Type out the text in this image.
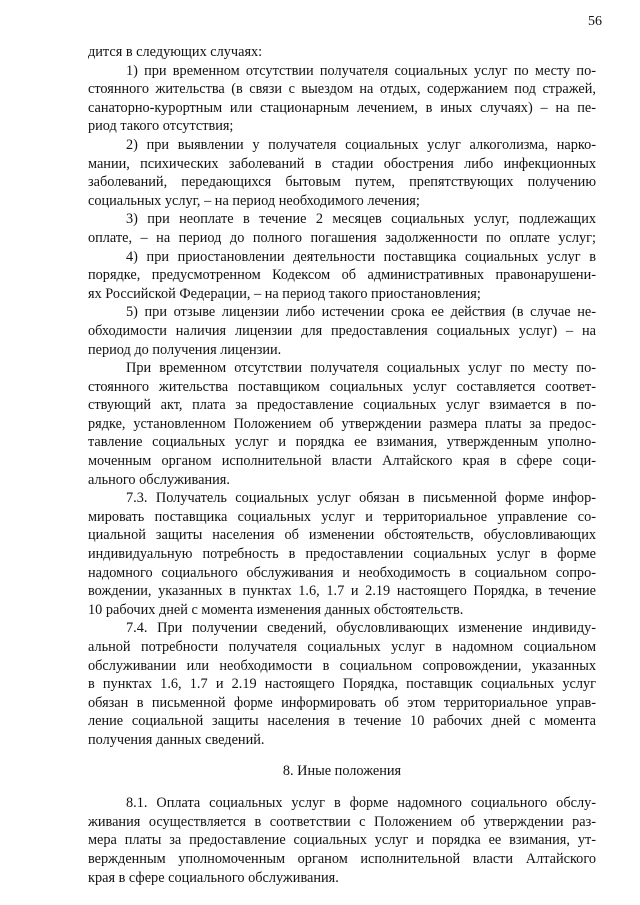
56
дится в следующих случаях:
1) при временном отсутствии получателя социальных услуг по месту по-
стоянного жительства (в связи с выездом на отдых, содержанием под стражей,
санаторно-курортным или стационарным лечением, в иных случаях) – на пе-
риод такого отсутствия;
2) при выявлении у получателя социальных услуг алкоголизма, нарко-
мании, психических заболеваний в стадии обострения либо инфекционных
заболеваний, передающихся бытовым путем, препятствующих получению
социальных услуг, – на период необходимого лечения;
3) при неоплате в течение 2 месяцев социальных услуг, подлежащих
оплате, – на период до полного погашения задолженности по оплате услуг;
4) при приостановлении деятельности поставщика социальных услуг в
порядке, предусмотренном Кодексом об административных правонарушени-
ях Российской Федерации, – на период такого приостановления;
5) при отзыве лицензии либо истечении срока ее действия (в случае не-
обходимости наличия лицензии для предоставления социальных услуг) – на
период до получения лицензии.
При временном отсутствии получателя социальных услуг по месту по-
стоянного жительства поставщиком социальных услуг составляется соответ-
ствующий акт, плата за предоставление социальных услуг взимается в по-
рядке, установленном Положением об утверждении размера платы за предос-
тавление социальных услуг и порядка ее взимания, утвержденным уполно-
моченным органом исполнительной власти Алтайского края в сфере соци-
ального обслуживания.
7.3. Получатель социальных услуг обязан в письменной форме инфор-
мировать поставщика социальных услуг и территориальное управление со-
циальной защиты населения об изменении обстоятельств, обусловливающих
индивидуальную потребность в предоставлении социальных услуг в форме
надомного социального обслуживания и необходимость в социальном сопро-
вождении, указанных в пунктах 1.6, 1.7 и 2.19 настоящего Порядка, в течение
10 рабочих дней с момента изменения данных обстоятельств.
7.4. При получении сведений, обусловливающих изменение индивиду-
альной потребности получателя социальных услуг в надомном социальном
обслуживании или необходимости в социальном сопровождении, указанных
в пунктах 1.6, 1.7 и 2.19 настоящего Порядка, поставщик социальных услуг
обязан в письменной форме информировать об этом территориальное управ-
ление социальной защиты населения в течение 10 рабочих дней с момента
получения данных сведений.
8. Иные положения
8.1. Оплата социальных услуг в форме надомного социального обслу-
живания осуществляется в соответствии с Положением об утверждении раз-
мера платы за предоставление социальных услуг и порядка ее взимания, ут-
вержденным уполномоченным органом исполнительной власти Алтайского
края в сфере социального обслуживания.
